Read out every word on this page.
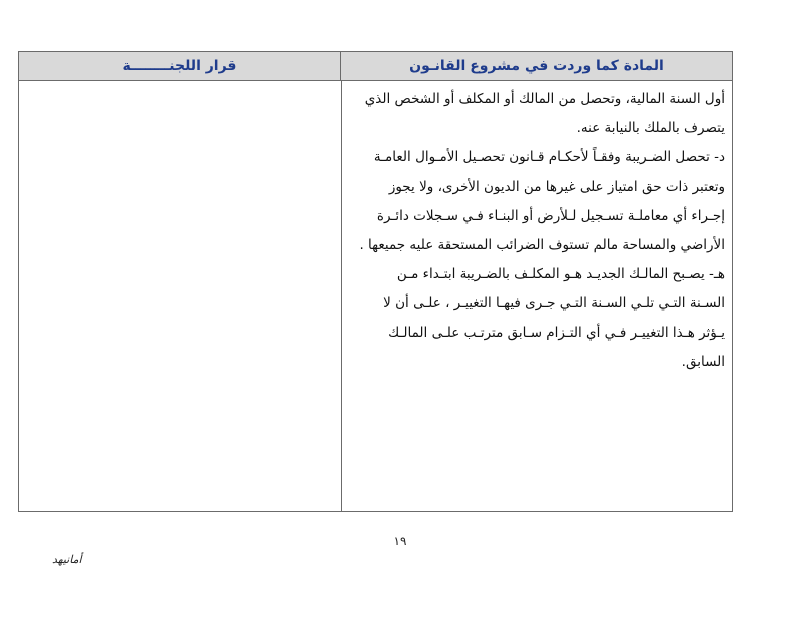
المادة كما وردت في مشروع القانـون
قرار اللجنــــــــة

أول السنة المالية، وتحصل من المالك أو المكلف أو الشخص الذي
يتصرف بالملك بالنيابة عنه.
د- تحصل الضـريبة وفقـاً لأحكـام قـانون تحصـيل الأمـوال العامـة
وتعتبر ذات حق امتياز على غيرها من الديون الأخرى، ولا يجوز
إجـراء أي معاملـة تسـجيل لـلأرض أو البنـاء فـي سـجلات دائـرة
الأراضي والمساحة مالم تستوف الضرائب المستحقة عليه جميعها .
هـ- يصـبح المالـك الجديـد هـو المكلـف بالضـريبة ابتـداء مـن
السـنة التـي تلـي السـنة التـي جـرى فيهـا التغييـر ، علـى أن لا
يـؤثر هـذا التغييـر فـي أي التـزام سـابق مترتـب علـى المالـك
السابق.

١٩
أمانيهد
